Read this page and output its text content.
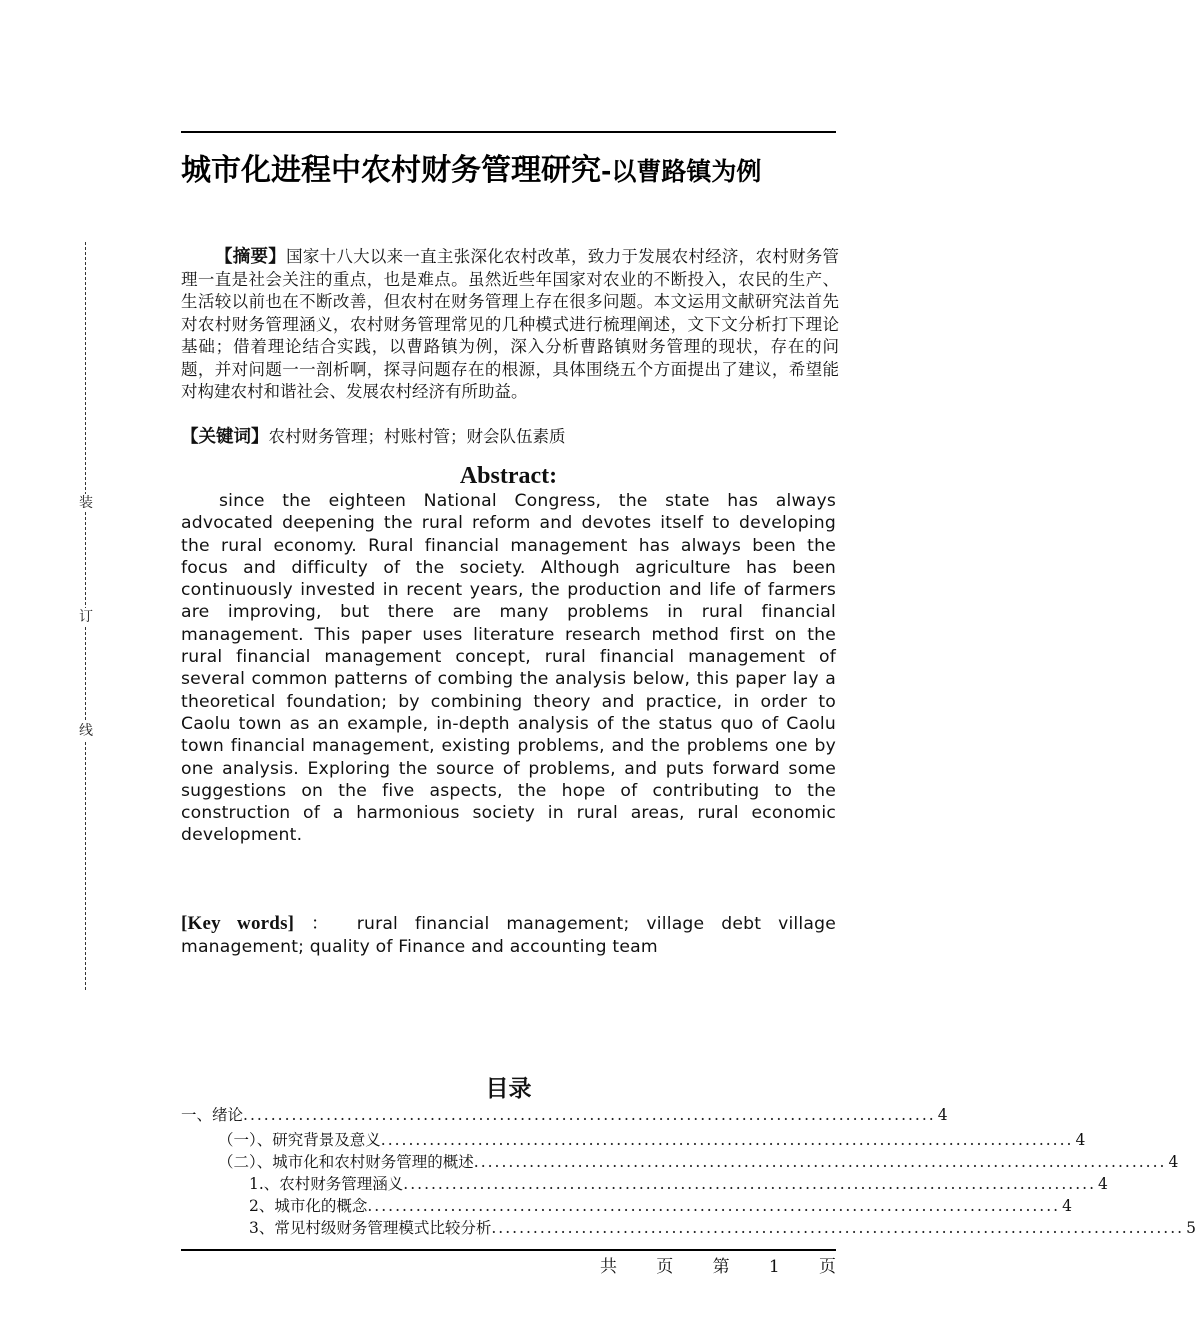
装
订
线
城市化进程中农村财务管理研究-以曹路镇为例
【摘要】国家十八大以来一直主张深化农村改革，致力于发展农村经济，农村财务管理一直是社会关注的重点，也是难点。虽然近些年国家对农业的不断投入，农民的生产、生活较以前也在不断改善，但农村在财务管理上存在很多问题。本文运用文献研究法首先对农村财务管理涵义，农村财务管理常见的几种模式进行梳理阐述，文下文分析打下理论基础；借着理论结合实践，以曹路镇为例，深入分析曹路镇财务管理的现状，存在的问题，并对问题一一剖析啊，探寻问题存在的根源，具体围绕五个方面提出了建议，希望能对构建农村和谐社会、发展农村经济有所助益。
【关键词】农村财务管理；村账村管；财会队伍素质
Abstract:
since the eighteen National Congress, the state has always advocated deepening the rural reform and devotes itself to developing the rural economy. Rural financial management has always been the focus and difficulty of the society. Although agriculture has been continuously invested in recent years, the production and life of farmers are improving, but there are many problems in rural financial management. This paper uses literature research method first on the rural financial management concept, rural financial management of several common patterns of combing the analysis below, this paper lay a theoretical foundation; by combining theory and practice, in order to Caolu town as an example, in-depth analysis of the status quo of Caolu town financial management, existing problems, and the problems one by one analysis. Exploring the source of problems, and puts forward some suggestions on the five aspects, the hope of contributing to the construction of a harmonious society in rural areas, rural economic development.
[Key words] ： rural financial management; village debt village management; quality of Finance and accounting team
目录
一、绪论 .................................................................................................... 4
（一）、研究背景及意义 .................................................................................................... 4
（二）、城市化和农村财务管理的概述 .................................................................................................... 4
1.、农村财务管理涵义 .................................................................................................... 4
2、城市化的概念 .................................................................................................... 4
3、常见村级财务管理模式比较分析 .................................................................................................... 5
共 页 第 1 页
